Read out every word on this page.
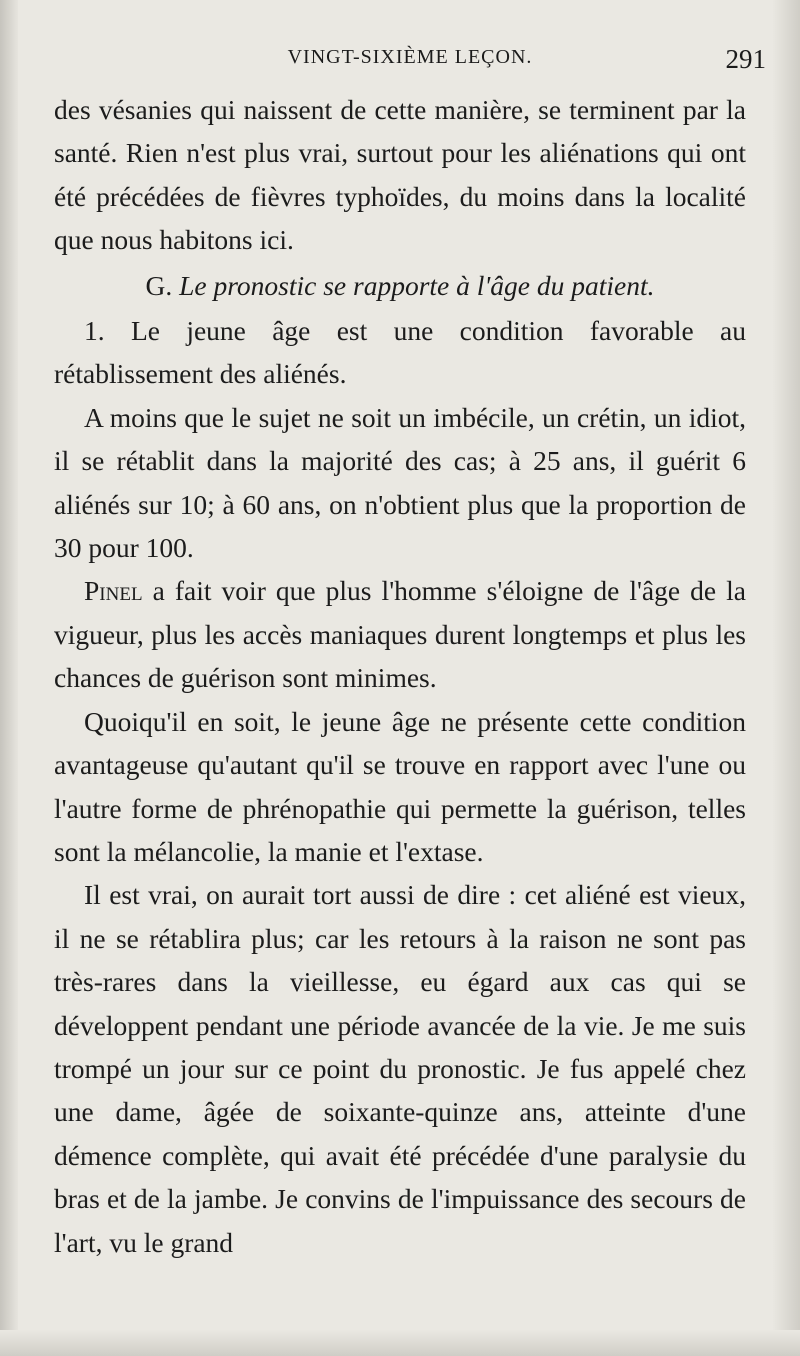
VINGT-SIXIÈME LEÇON.	291

des vésanies qui naissent de cette manière, se terminent par la santé. Rien n'est plus vrai, surtout pour les aliénations qui ont été précédées de fièvres typhoïdes, du moins dans la localité que nous habitons ici.

G. Le pronostic se rapporte à l'âge du patient.

1. Le jeune âge est une condition favorable au rétablissement des aliénés.

A moins que le sujet ne soit un imbécile, un crétin, un idiot, il se rétablit dans la majorité des cas; à 25 ans, il guérit 6 aliénés sur 10; à 60 ans, on n'obtient plus que la proportion de 30 pour 100.

Pinel a fait voir que plus l'homme s'éloigne de l'âge de la vigueur, plus les accès maniaques durent longtemps et plus les chances de guérison sont minimes.

Quoiqu'il en soit, le jeune âge ne présente cette condition avantageuse qu'autant qu'il se trouve en rapport avec l'une ou l'autre forme de phrénopathie qui permette la guérison, telles sont la mélancolie, la manie et l'extase.

Il est vrai, on aurait tort aussi de dire : cet aliéné est vieux, il ne se rétablira plus; car les retours à la raison ne sont pas très-rares dans la vieillesse, eu égard aux cas qui se développent pendant une période avancée de la vie. Je me suis trompé un jour sur ce point du pronostic. Je fus appelé chez une dame, âgée de soixante-quinze ans, atteinte d'une démence complète, qui avait été précédée d'une paralysie du bras et de la jambe. Je convins de l'impuissance des secours de l'art, vu le grand
